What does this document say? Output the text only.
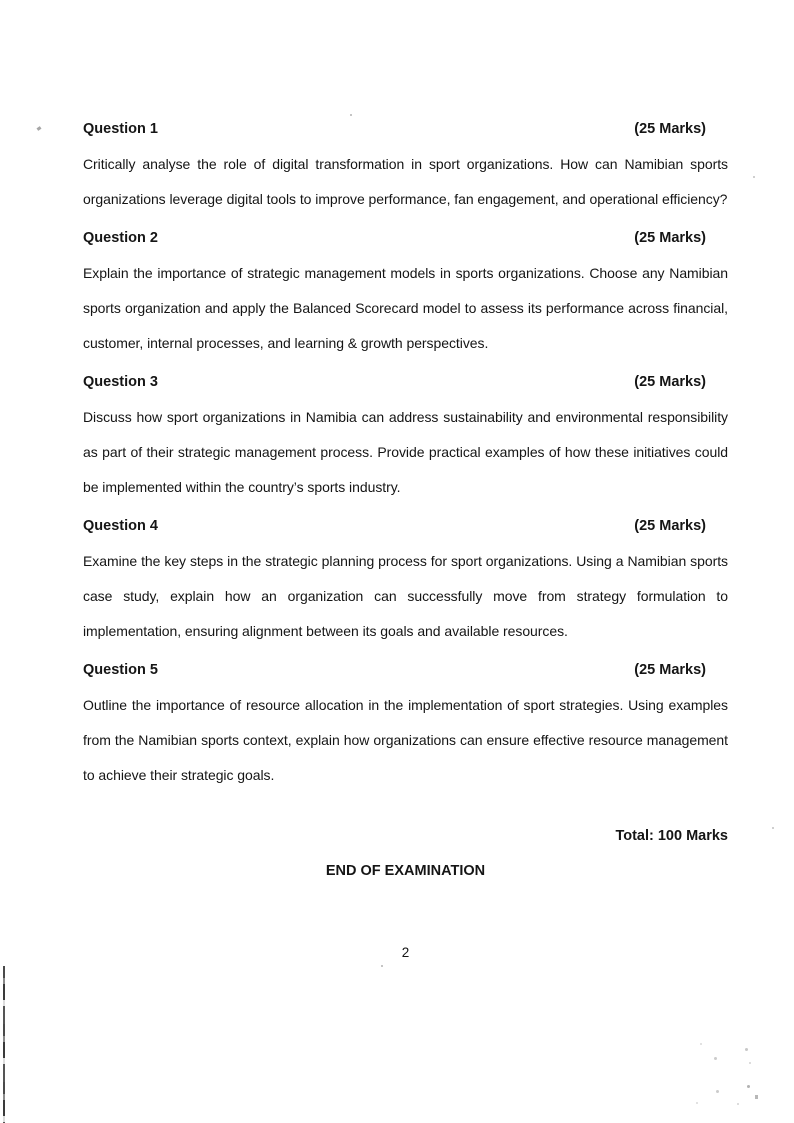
Question 1	(25 Marks)

Critically analyse the role of digital transformation in sport organizations. How can Namibian sports organizations leverage digital tools to improve performance, fan engagement, and operational efficiency?

Question 2	(25 Marks)

Explain the importance of strategic management models in sports organizations. Choose any Namibian sports organization and apply the Balanced Scorecard model to assess its performance across financial, customer, internal processes, and learning & growth perspectives.

Question 3	(25 Marks)

Discuss how sport organizations in Namibia can address sustainability and environmental responsibility as part of their strategic management process. Provide practical examples of how these initiatives could be implemented within the country’s sports industry.

Question 4	(25 Marks)

Examine the key steps in the strategic planning process for sport organizations. Using a Namibian sports case study, explain how an organization can successfully move from strategy formulation to implementation, ensuring alignment between its goals and available resources.

Question 5	(25 Marks)

Outline the importance of resource allocation in the implementation of sport strategies. Using examples from the Namibian sports context, explain how organizations can ensure effective resource management to achieve their strategic goals.

Total: 100 Marks
END OF EXAMINATION
2
